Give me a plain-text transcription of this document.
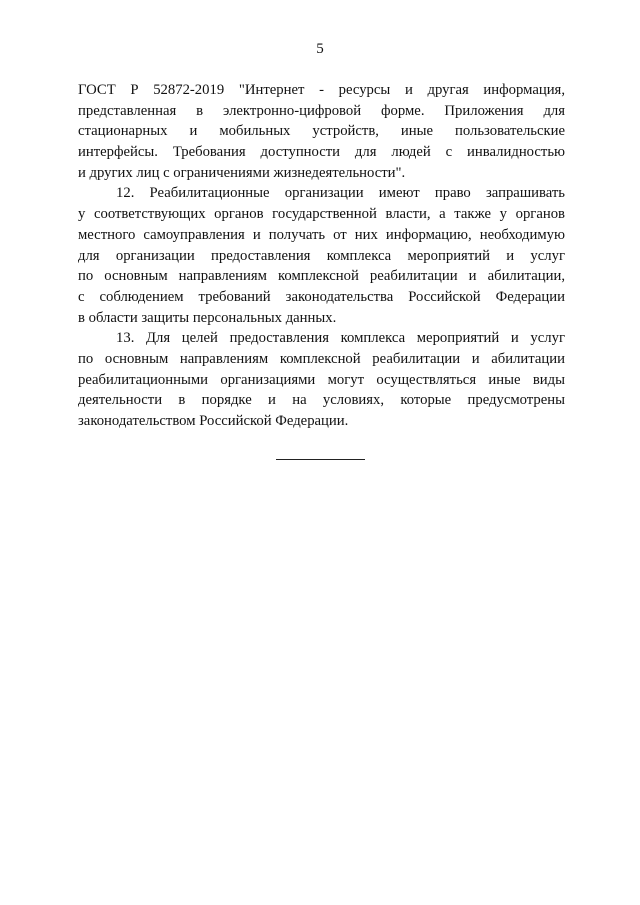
5
ГОСТ Р 52872-2019 "Интернет - ресурсы и другая информация,
представленная в электронно-цифровой форме. Приложения для
стационарных и мобильных устройств, иные пользовательские
интерфейсы. Требования доступности для людей с инвалидностью
и других лиц с ограничениями жизнедеятельности".
12. Реабилитационные организации имеют право запрашивать
у соответствующих органов государственной власти, а также у органов
местного самоуправления и получать от них информацию, необходимую
для организации предоставления комплекса мероприятий и услуг
по основным направлениям комплексной реабилитации и абилитации,
с соблюдением требований законодательства Российской Федерации
в области защиты персональных данных.
13. Для целей предоставления комплекса мероприятий и услуг
по основным направлениям комплексной реабилитации и абилитации
реабилитационными организациями могут осуществляться иные виды
деятельности в порядке и на условиях, которые предусмотрены
законодательством Российской Федерации.
